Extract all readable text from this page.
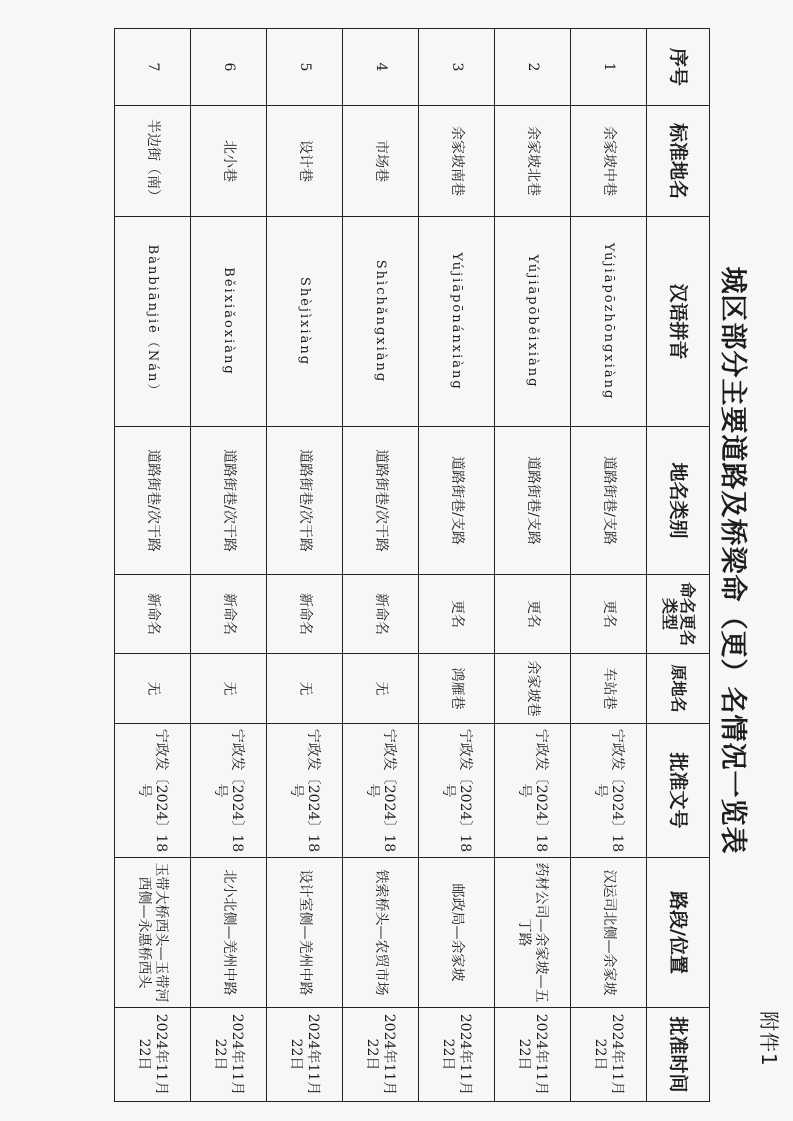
附件1
城区部分主要道路及桥梁命（更）名情况一览表
序号	标准地名	汉语拼音	地名类别	命名更名类型	原地名	批准文号	路段/位置	批准时间
1	余家坡中巷	Yújiāpōzhōngxiàng	道路街巷/支路	更名	车站巷	宁政发〔2024〕18号	汉运司北侧—余家坡	2024年11月22日
2	余家坡北巷	Yújiāpōběixiàng	道路街巷/支路	更名	余家坡巷	宁政发〔2024〕18号	药材公司—余家坡—五丁路	2024年11月22日
3	余家坡南巷	Yújiāpōnánxiàng	道路街巷/支路	更名	鸿雁巷	宁政发〔2024〕18号	邮政局—余家坡	2024年11月22日
4	市场巷	Shìchǎngxiàng	道路街巷/次干路	新命名	无	宁政发〔2024〕18号	铁索桥头—农贸市场	2024年11月22日
5	设计巷	Shèjìxiàng	道路街巷/次干路	新命名	无	宁政发〔2024〕18号	设计室侧—羌州中路	2024年11月22日
6	北小巷	Běixiǎoxiàng	道路街巷/次干路	新命名	无	宁政发〔2024〕18号	北小北侧—羌州中路	2024年11月22日
7	半边街（南）	Bànbiānjiē（Nán）	道路街巷/次干路	新命名	无	宁政发〔2024〕18号	玉带大桥西头—玉带河西侧—永惠桥西头	2024年11月22日
